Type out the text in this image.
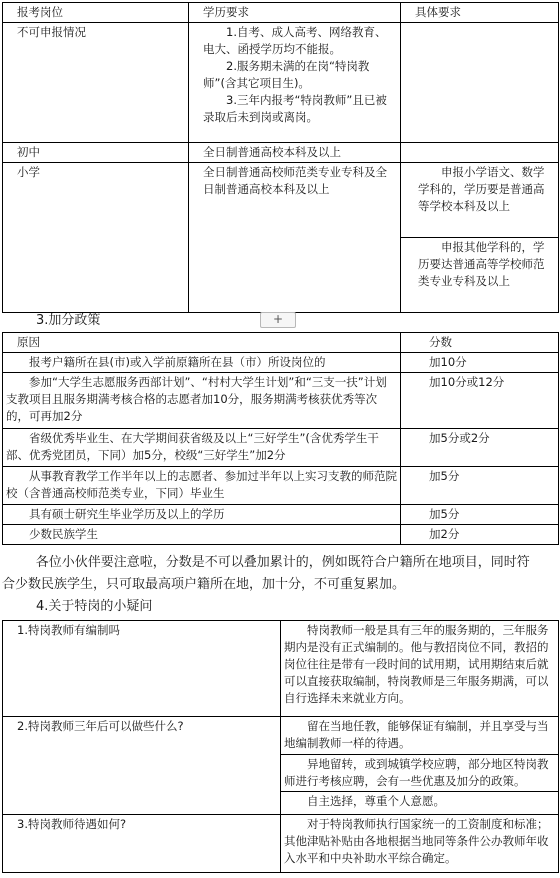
报考岗位	学历要求	具体要求
不可申报情况	1.自考、成人高考、网络教育、电大、函授学历均不能报。
2.服务期未满的在岗“特岗教师”(含其它项目生)。
3.三年内报考“特岗教师”且已被录取后未到岗或离岗。	

初中	全日制普通高校本科及以上	
小学	全日制普通高校师范类专业专科及全日制普通高校本科及以上	申报小学语文、数学学科的，学历要是普通高等学校本科及以上
申报其他学科的，学历要达普通高等学校师范类专业专科及以上
3.加分政策	+
原因	分数
报考户籍所在县(市)或入学前原籍所在县（市）所设岗位的	加10分
参加“大学生志愿服务西部计划”、“村村大学生计划”和“三支一扶”计划支教项目且服务期满考核合格的志愿者加10分，服务期满考核获优秀等次的，可再加2分	加10分或12分
省级优秀毕业生、在大学期间获省级及以上“三好学生”(含优秀学生干部、优秀党团员，下同）加5分，校级“三好学生”加2分	加5分或2分
从事教育教学工作半年以上的志愿者、参加过半年以上实习支教的师范院校（含普通高校师范类专业，下同）毕业生	加5分
具有硕士研究生毕业学历及以上的学历	加5分
少数民族学生	加2分
各位小伙伴要注意啦，分数是不可以叠加累计的，例如既符合户籍所在地项目，同时符
合少数民族学生，只可取最高项户籍所在地，加十分，不可重复累加。
4.关于特岗的小疑问
1.特岗教师有编制吗	特岗教师一般是具有三年的服务期的，三年服务期内是没有正式编制的。他与教招岗位不同，教招的岗位往往是带有一段时间的试用期，试用期结束后就可以直接获取编制，特岗教师是三年服务期满，可以自行选择未来就业方向。

2.特岗教师三年后可以做些什么?	留在当地任教，能够保证有编制，并且享受与当地编制教师一样的待遇。
异地留转，或到城镇学校应聘，部分地区特岗教师进行考核应聘，会有一些优惠及加分的政策。
自主选择，尊重个人意愿。

3.特岗教师待遇如何?	对于特岗教师执行国家统一的工资制度和标准；其他津贴补贴由各地根据当地同等条件公办教师年收入水平和中央补助水平综合确定。
